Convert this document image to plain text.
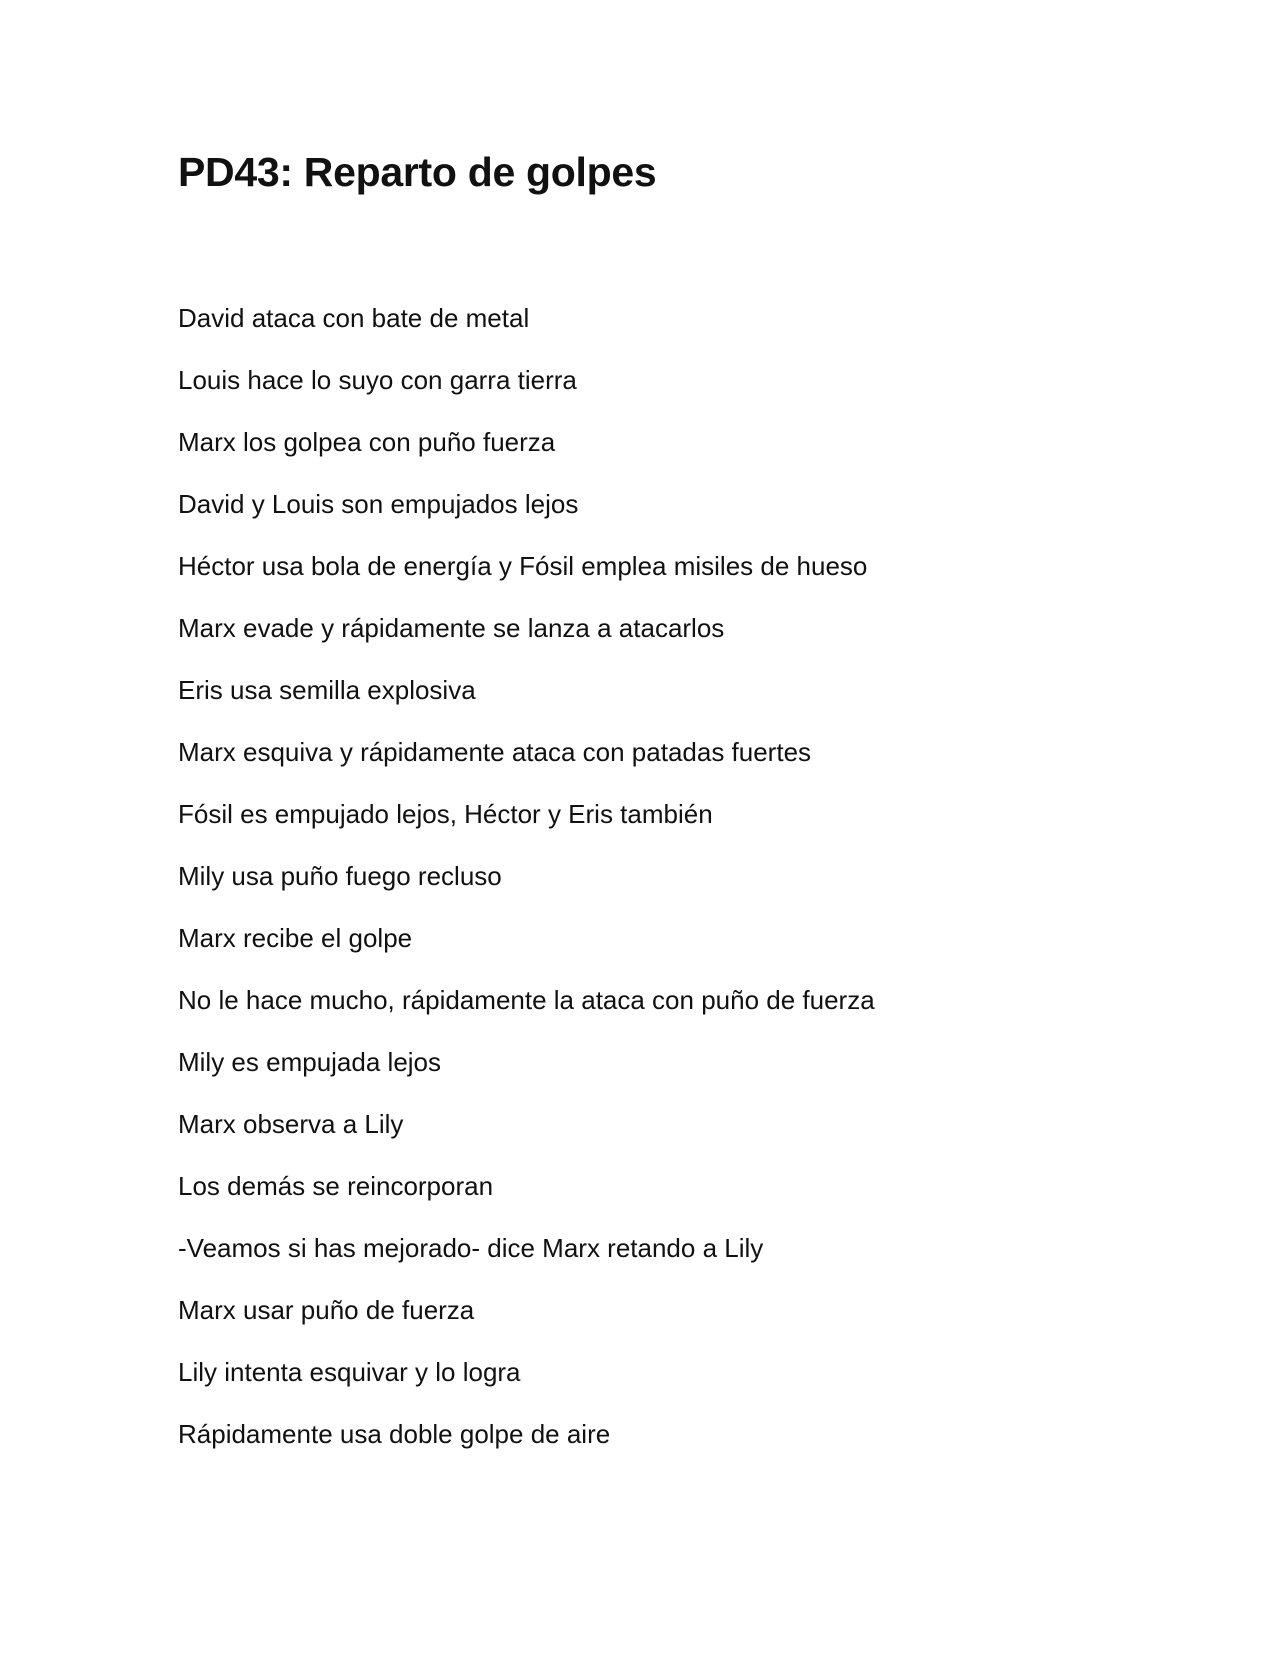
PD43: Reparto de golpes
David ataca con bate de metal
Louis hace lo suyo con garra tierra
Marx los golpea con puño fuerza
David y Louis son empujados lejos
Héctor usa bola de energía y Fósil emplea misiles de hueso
Marx evade y rápidamente se lanza a atacarlos
Eris usa semilla explosiva
Marx esquiva y rápidamente ataca con patadas fuertes
Fósil es empujado lejos, Héctor y Eris también
Mily usa puño fuego recluso
Marx recibe el golpe
No le hace mucho, rápidamente la ataca con puño de fuerza
Mily es empujada lejos
Marx observa a Lily
Los demás se reincorporan
-Veamos si has mejorado- dice Marx retando a Lily
Marx usar puño de fuerza
Lily intenta esquivar y lo logra
Rápidamente usa doble golpe de aire
